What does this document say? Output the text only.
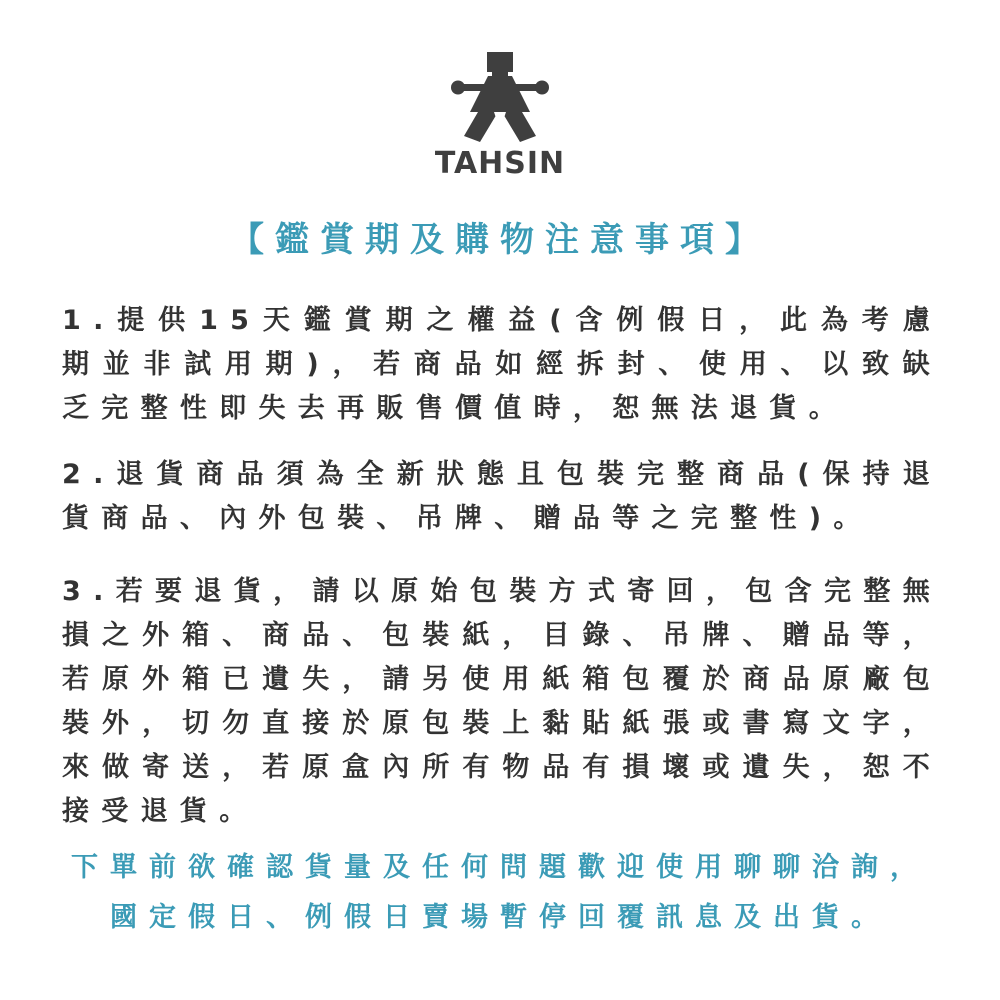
TAHSIN
【鑑賞期及購物注意事項】

1.提供15天鑑賞期之權益(含例假日，此為考慮期並非試用期)，若商品如經拆封、使用、以致缺乏完整性即失去再販售價值時，恕無法退貨。

2.退貨商品須為全新狀態且包裝完整商品(保持退貨商品、內外包裝、吊牌、贈品等之完整性)。

3.若要退貨，請以原始包裝方式寄回，包含完整無損之外箱、商品、包裝紙，目錄、吊牌、贈品等，若原外箱已遺失，請另使用紙箱包覆於商品原廠包裝外，切勿直接於原包裝上黏貼紙張或書寫文字，來做寄送，若原盒內所有物品有損壞或遺失，恕不接受退貨。

下單前欲確認貨量及任何問題歡迎使用聊聊洽詢，
國定假日、例假日賣場暫停回覆訊息及出貨。
